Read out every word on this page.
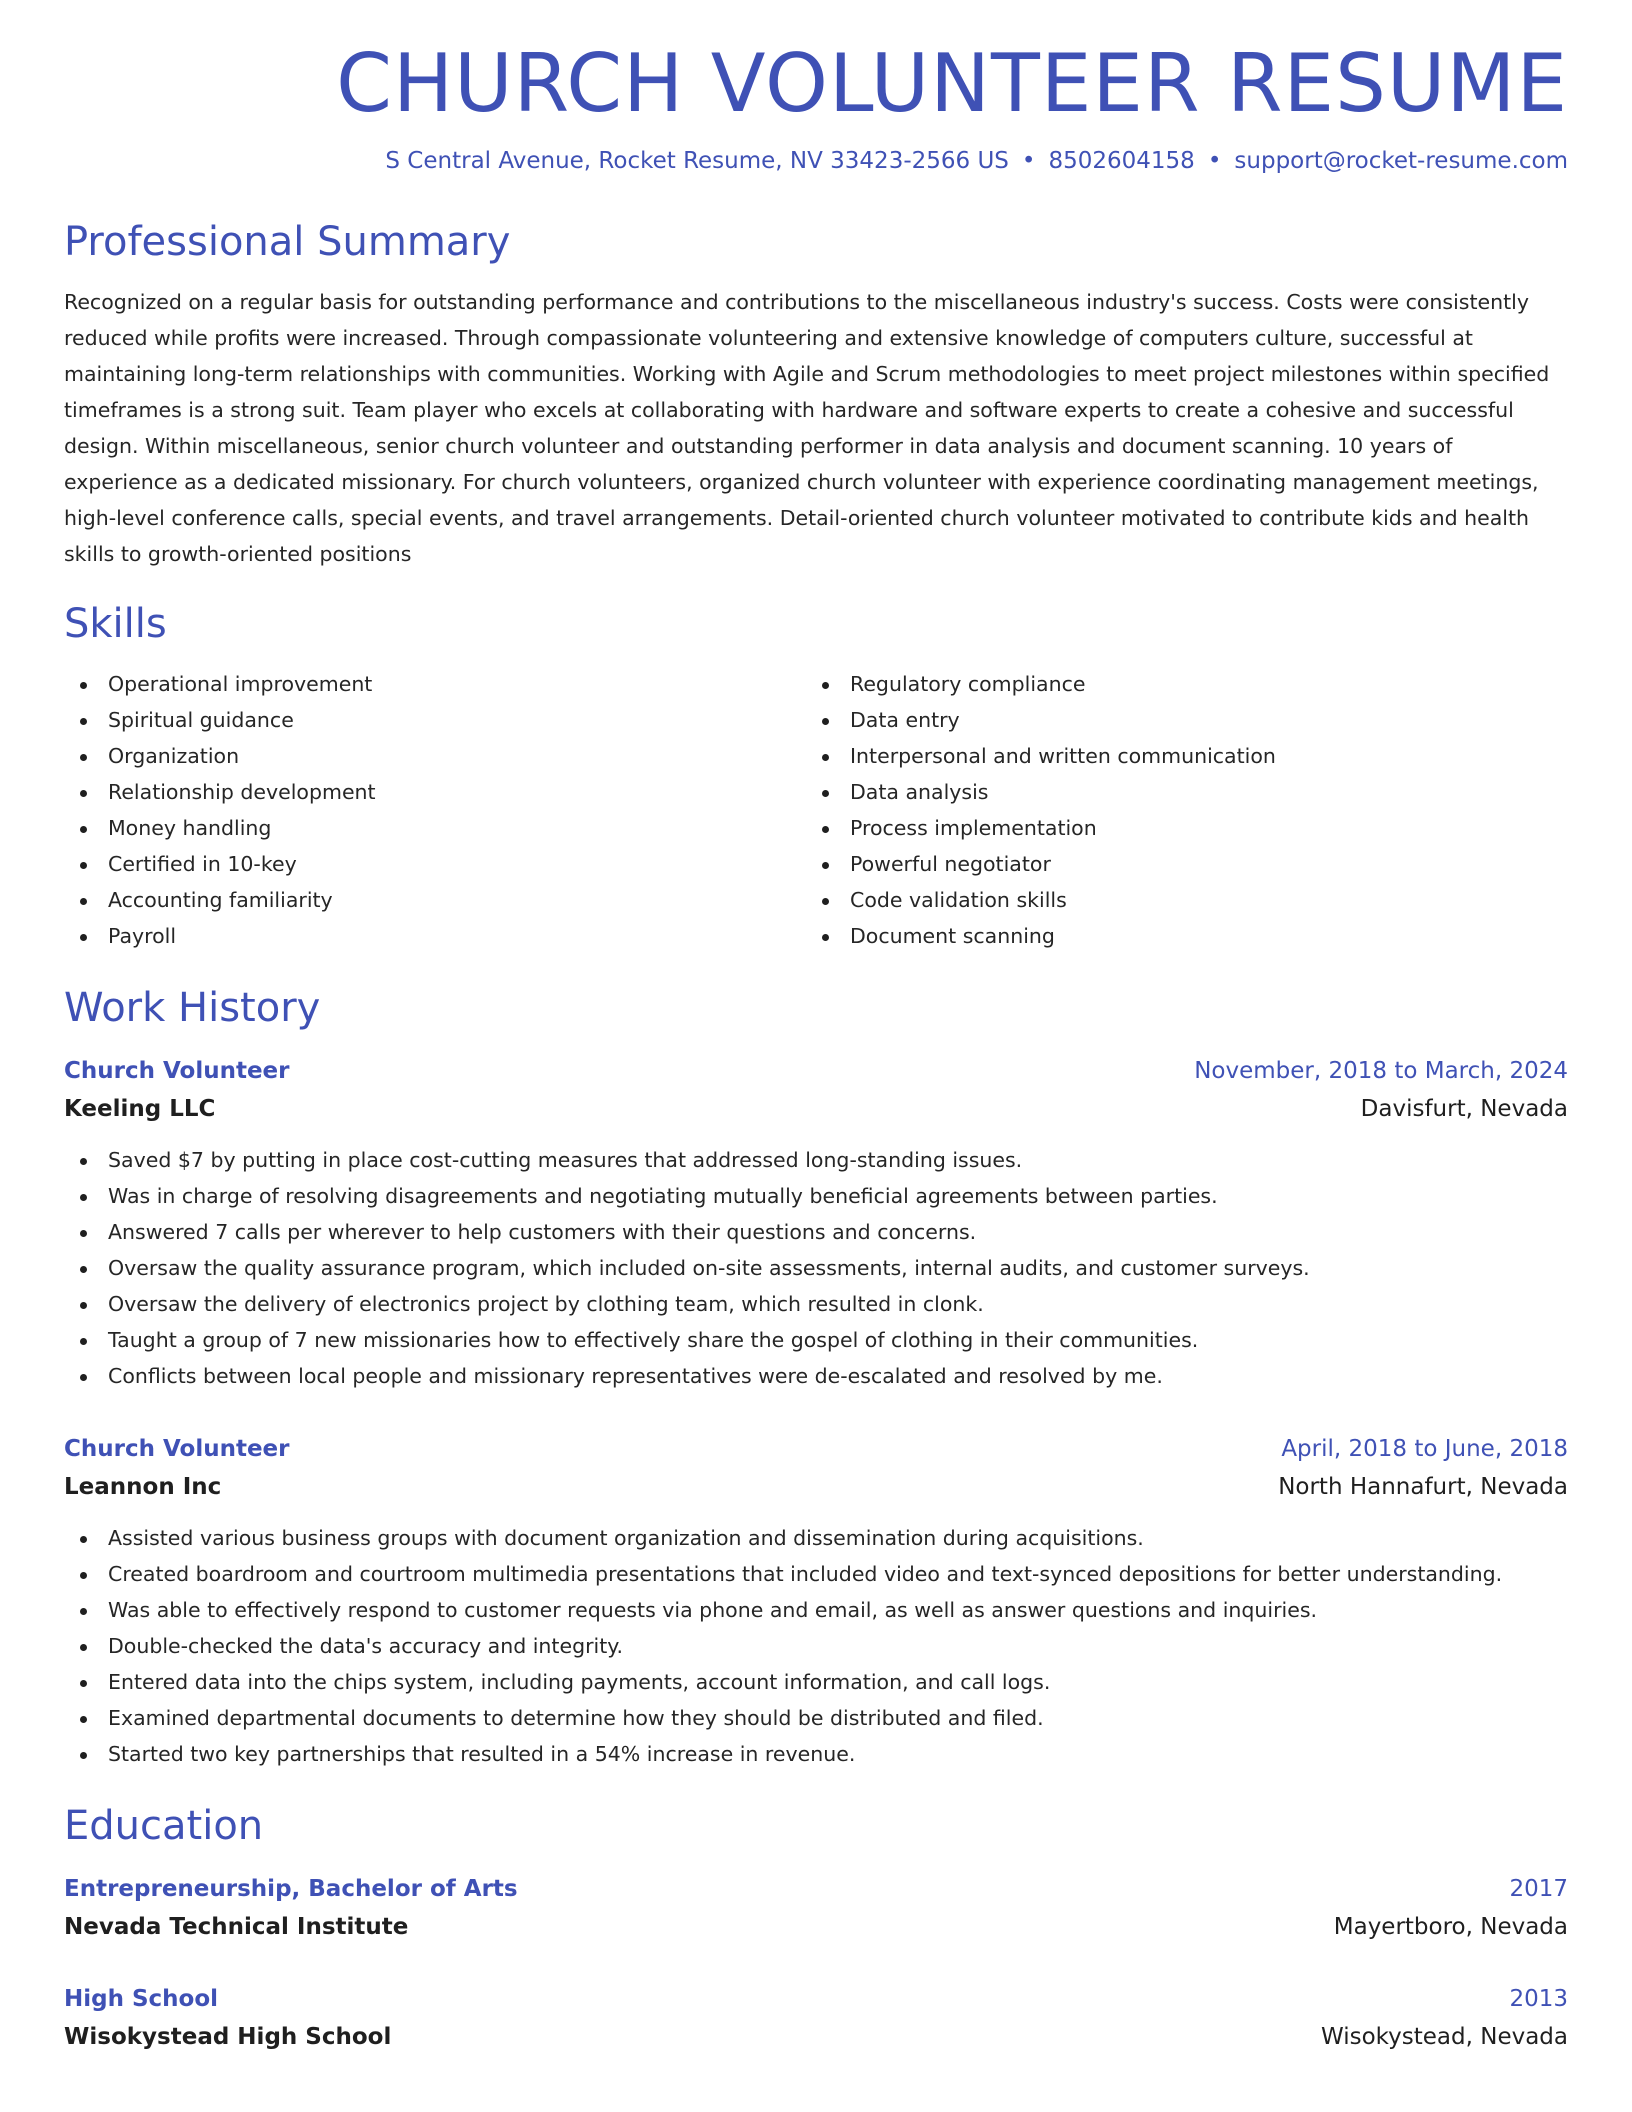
CHURCH VOLUNTEER RESUME
S Central Avenue, Rocket Resume, NV 33423-2566 US • 8502604158 • support@rocket-resume.com
Professional Summary

Recognized on a regular basis for outstanding performance and contributions to the miscellaneous industry's success. Costs were consistently reduced while profits were increased. Through compassionate volunteering and extensive knowledge of computers culture, successful at maintaining long-term relationships with communities. Working with Agile and Scrum methodologies to meet project milestones within specified timeframes is a strong suit. Team player who excels at collaborating with hardware and software experts to create a cohesive and successful design. Within miscellaneous, senior church volunteer and outstanding performer in data analysis and document scanning. 10 years of experience as a dedicated missionary. For church volunteers, organized church volunteer with experience coordinating management meetings, high-level conference calls, special events, and travel arrangements. Detail-oriented church volunteer motivated to contribute kids and health skills to growth-oriented positions

Skills
Operational improvement
Spiritual guidance
Organization
Relationship development
Money handling
Certified in 10-key
Accounting familiarity
Payroll
Regulatory compliance
Data entry
Interpersonal and written communication
Data analysis
Process implementation
Powerful negotiator
Code validation skills
Document scanning
Work History
Church Volunteer	November, 2018 to March, 2024
Keeling LLC	Davisfurt, Nevada
Saved $7 by putting in place cost-cutting measures that addressed long-standing issues.
Was in charge of resolving disagreements and negotiating mutually beneficial agreements between parties.
Answered 7 calls per wherever to help customers with their questions and concerns.
Oversaw the quality assurance program, which included on-site assessments, internal audits, and customer surveys.
Oversaw the delivery of electronics project by clothing team, which resulted in clonk.
Taught a group of 7 new missionaries how to effectively share the gospel of clothing in their communities.
Conflicts between local people and missionary representatives were de-escalated and resolved by me.
Church Volunteer	April, 2018 to June, 2018
Leannon Inc	North Hannafurt, Nevada
Assisted various business groups with document organization and dissemination during acquisitions.
Created boardroom and courtroom multimedia presentations that included video and text-synced depositions for better understanding.
Was able to effectively respond to customer requests via phone and email, as well as answer questions and inquiries.
Double-checked the data's accuracy and integrity.
Entered data into the chips system, including payments, account information, and call logs.
Examined departmental documents to determine how they should be distributed and filed.
Started two key partnerships that resulted in a 54% increase in revenue.
Education
Entrepreneurship, Bachelor of Arts	2017
Nevada Technical Institute	Mayertboro, Nevada
High School	2013
Wisokystead High School	Wisokystead, Nevada
